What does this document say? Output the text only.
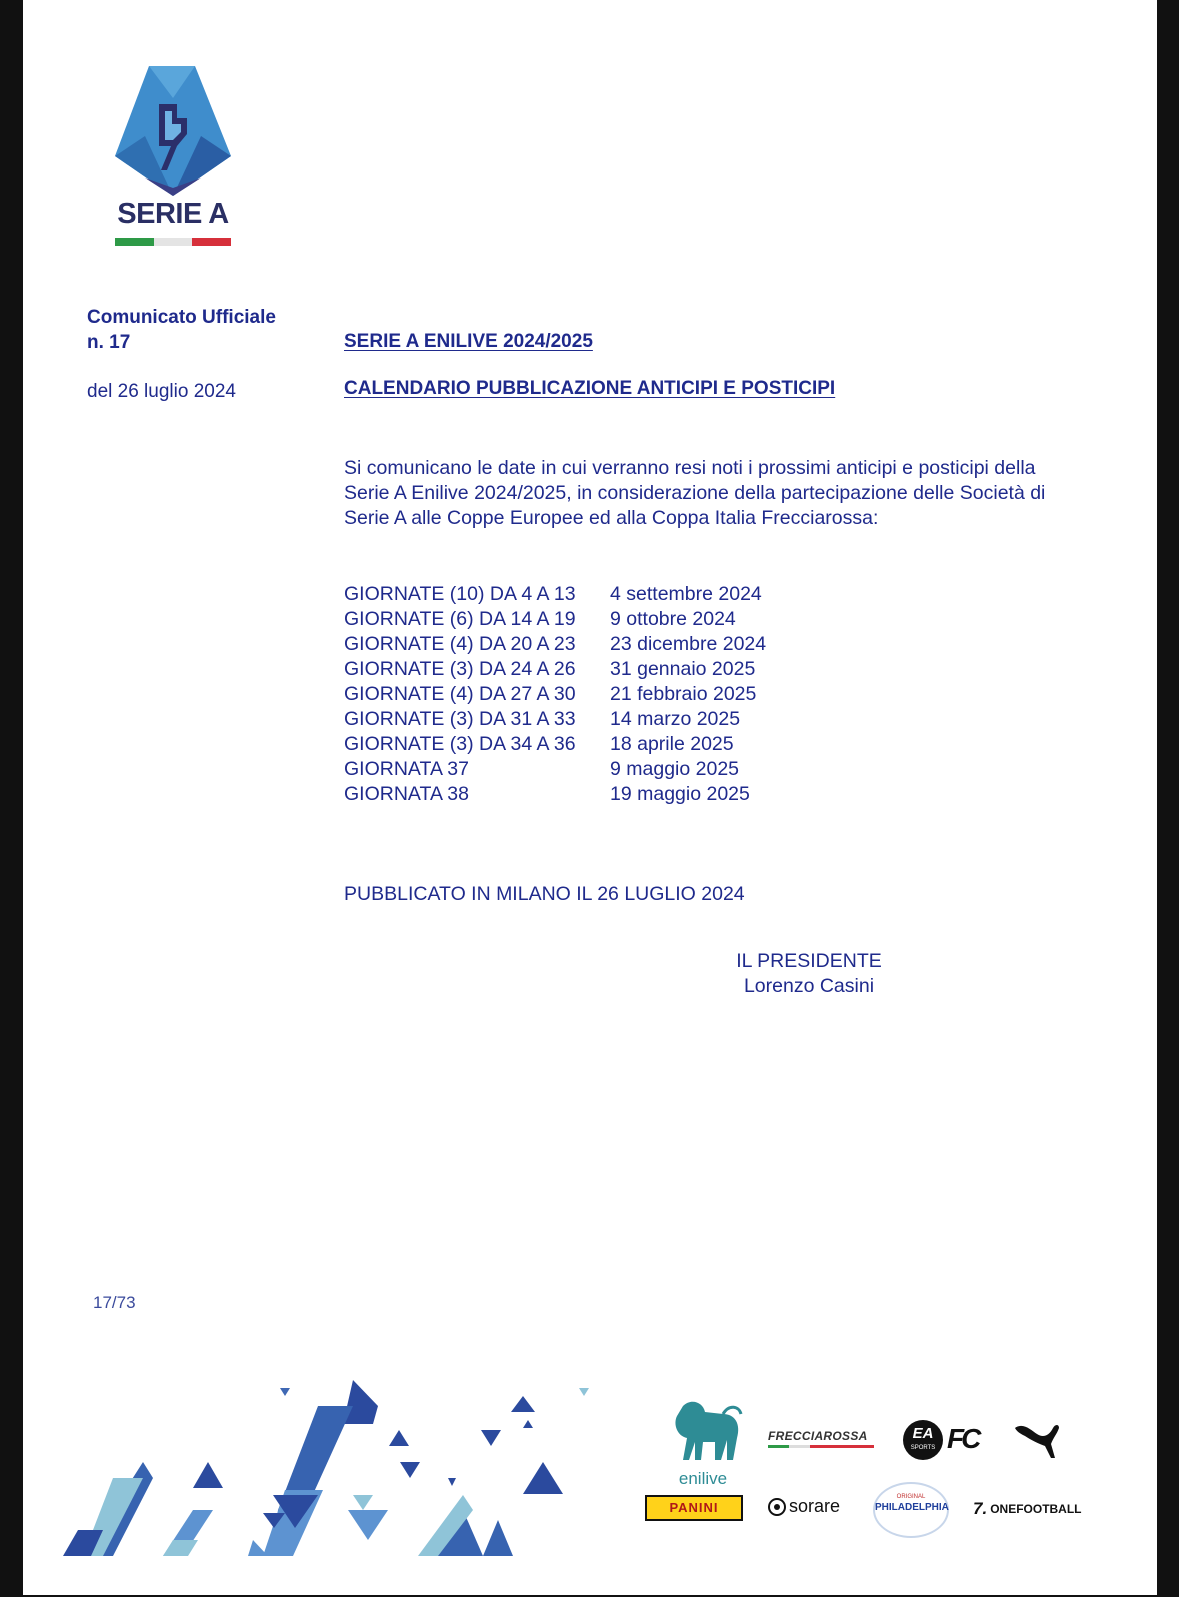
SERIE A
Comunicato Ufficiale
n. 17
del 26 luglio 2024
SERIE A ENILIVE 2024/2025
CALENDARIO PUBBLICAZIONE ANTICIPI E POSTICIPI
Si comunicano le date in cui verranno resi noti i prossimi anticipi e posticipi della Serie A Enilive 2024/2025, in considerazione della partecipazione delle Società di Serie A alle Coppe Europee ed alla Coppa Italia Frecciarossa:
GIORNATE (10) DA 4 A 13	4 settembre 2024
GIORNATE (6) DA 14 A 19	9 ottobre 2024
GIORNATE (4) DA 20 A 23	23 dicembre 2024
GIORNATE (3) DA 24 A 26	31 gennaio 2025
GIORNATE (4) DA 27 A 30	21 febbraio 2025
GIORNATE (3) DA 31 A 33	14 marzo 2025
GIORNATE (3) DA 34 A 36	18 aprile 2025
GIORNATA 37	9 maggio 2025
GIORNATA 38	19 maggio 2025
PUBBLICATO IN MILANO IL 26 LUGLIO 2024
IL PRESIDENTE
Lorenzo Casini
17/73
enilive
FRECCIAROSSA	EA
SPORTS FC
PANINI	sorare	ORIGINAL
PHILADELPHIA 7. ONEFOOTBALL
